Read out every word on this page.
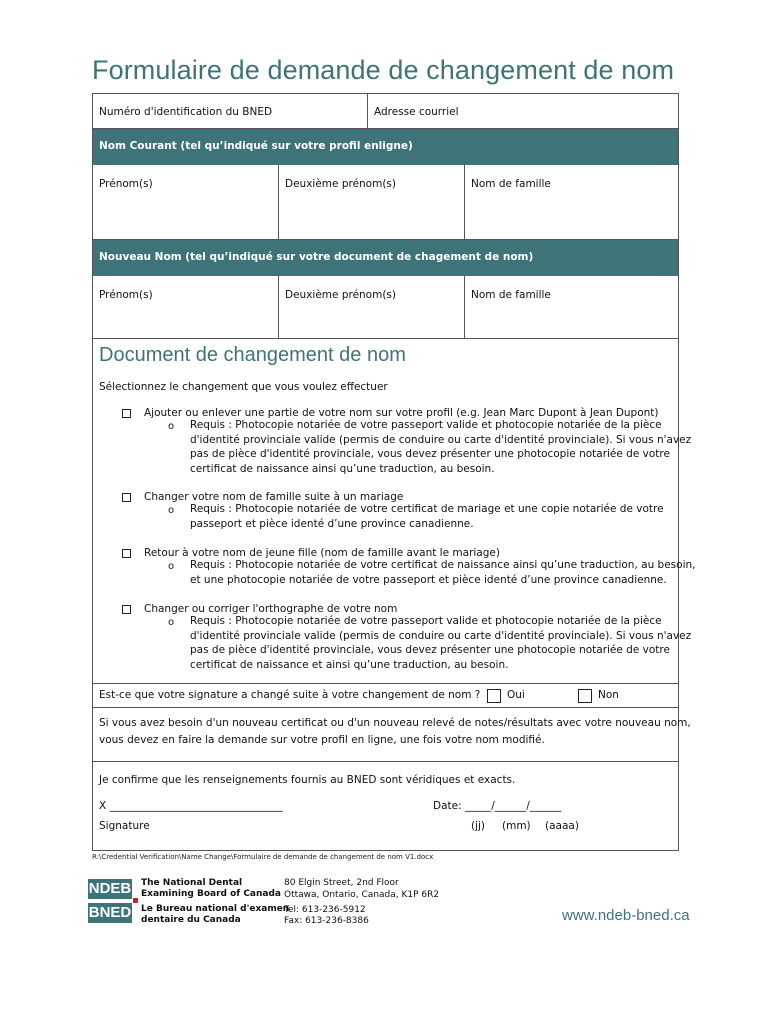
Formulaire de demande de changement de nom
Numéro d'identification du BNED	Adresse courriel
Nom Courant (tel qu’indiqué sur votre profil enligne)
Prénom(s)	Deuxième prénom(s)	Nom de famille
Nouveau Nom (tel qu’indiqué sur votre document de chagement de nom)
Prénom(s)	Deuxième prénom(s)	Nom de famille
Document de changement de nom
Sélectionnez le changement que vous voulez effectuer
Ajouter ou enlever une partie de votre nom sur votre profil (e.g. Jean Marc Dupont à Jean Dupont)
o Requis : Photocopie notariée de votre passeport valide et photocopie notariée de la pièce
d'identité provinciale valide (permis de conduire ou carte d'identité provinciale). Si vous n'avez
pas de pièce d'identité provinciale, vous devez présenter une photocopie notariée de votre
certificat de naissance ainsi qu’une traduction, au besoin.
Changer votre nom de famille suite à un mariage
o Requis : Photocopie notariée de votre certificat de mariage et une copie notariée de votre
passeport et pièce identé d’une province canadienne.
Retour à votre nom de jeune fille (nom de famille avant le mariage)
o Requis : Photocopie notariée de votre certificat de naissance ainsi qu’une traduction, au besoin,
et une photocopie notariée de votre passeport et pièce identé d’une province canadienne.
Changer ou corriger l'orthographe de votre nom
o Requis : Photocopie notariée de votre passeport valide et photocopie notariée de la pièce
d'identité provinciale valide (permis de conduire ou carte d'identité provinciale). Si vous n'avez
pas de pièce d'identité provinciale, vous devez présenter une photocopie notariée de votre
certificat de naissance et ainsi qu’une traduction, au besoin.
Est-ce que votre signature a changé suite à votre changement de nom ?	Oui	Non
Si vous avez besoin d'un nouveau certificat ou d'un nouveau relevé de notes/résultats avec votre nouveau nom,
vous devez en faire la demande sur votre profil en ligne, une fois votre nom modifié.
Je confirme que les renseignements fournis au BNED sont véridiques et exacts.
X _________________________________	Date: _____/______/______
Signature	(jj) (mm) (aaaa)
R:\Credential Verification\Name Change\Formulaire de demande de changement de nom V1.docx
NDEB
BNED
The National Dental
Examining Board of Canada
Le Bureau national d'examen
dentaire du Canada
80 Elgin Street, 2nd Floor
Ottawa, Ontario, Canada, K1P 6R2
Tel: 613-236-5912
Fax: 613-236-8386	www.ndeb-bned.ca
